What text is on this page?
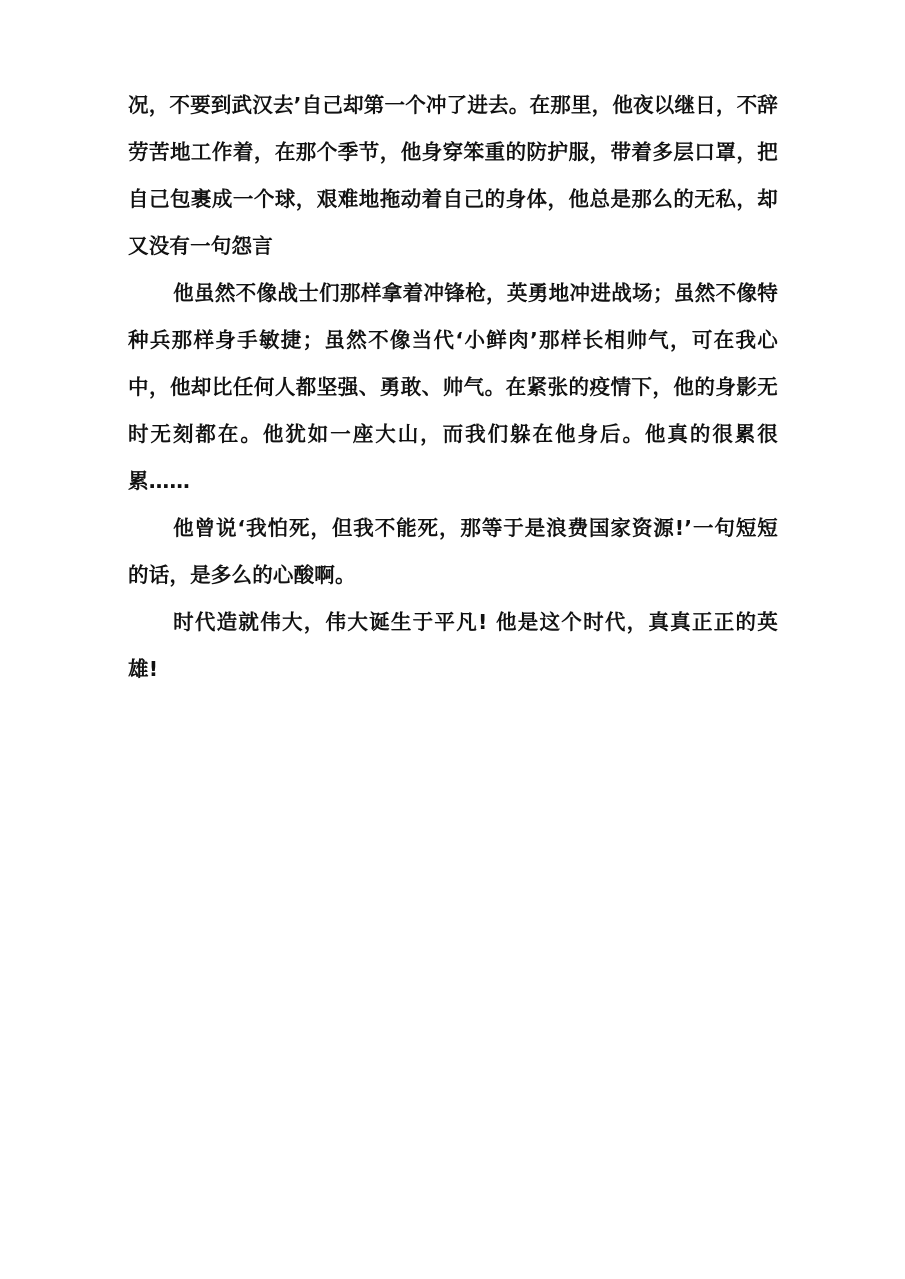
况，不要到武汉去’自己却第一个冲了进去。在那里，他夜以继日，不辞劳苦地工作着，在那个季节，他身穿笨重的防护服，带着多层口罩，把自己包裹成一个球，艰难地拖动着自己的身体，他总是那么的无私，却又没有一句怨言

他虽然不像战士们那样拿着冲锋枪，英勇地冲进战场；虽然不像特种兵那样身手敏捷；虽然不像当代‘小鲜肉’那样长相帅气，可在我心中，他却比任何人都坚强、勇敢、帅气。在紧张的疫情下，他的身影无时无刻都在。他犹如一座大山，而我们躲在他身后。他真的很累很累……

他曾说‘我怕死，但我不能死，那等于是浪费国家资源!’一句短短的话，是多么的心酸啊。

时代造就伟大，伟大诞生于平凡! 他是这个时代，真真正正的英雄!
